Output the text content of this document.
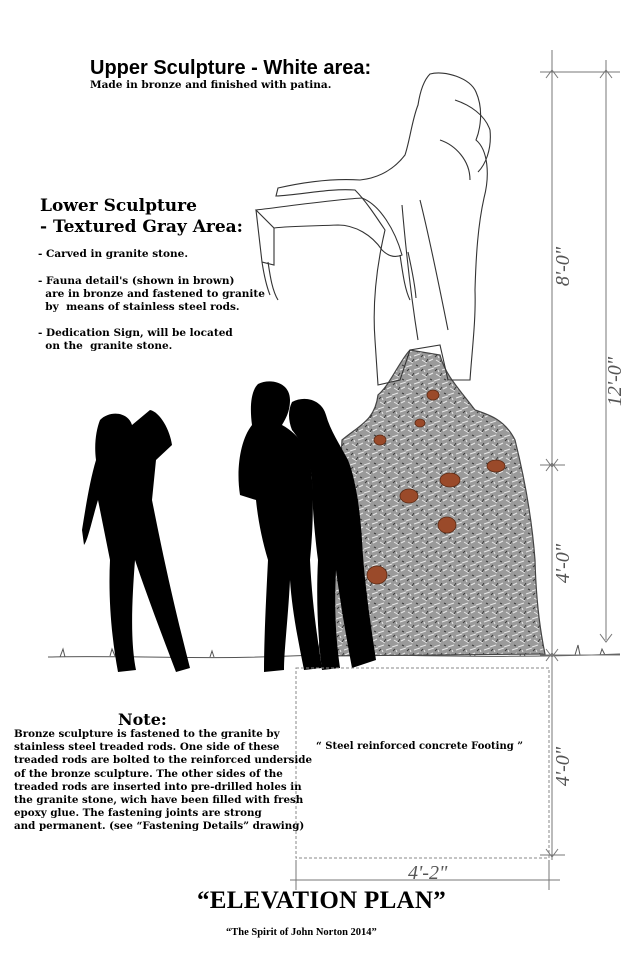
Upper Sculpture - White area:
Made in bronze and finished with patina.
Lower Sculpture
- Textured Gray Area:
- Carved in granite stone.
- Fauna detail's (shown in brown)
are in bronze and fastened to granite
by  means of stainless steel rods.
- Dedication Sign, will be located
on the  granite stone.
Note:
Bronze sculpture is fastened to the granite by
stainless steel treaded rods. One side of these
treaded rods are bolted to the reinforced underside
of the bronze sculpture. The other sides of the
treaded rods are inserted into pre-drilled holes in
the granite stone, wich have been filled with fresh
epoxy glue. The fastening joints are strong
and permanent. (see “Fastening Details” drawing)
“ Steel reinforced concrete Footing ”
8'-0"
12'-0"
4'-0"
4'-0"
4'-2"
“ELEVATION PLAN”
“The Spirit of John Norton 2014”
